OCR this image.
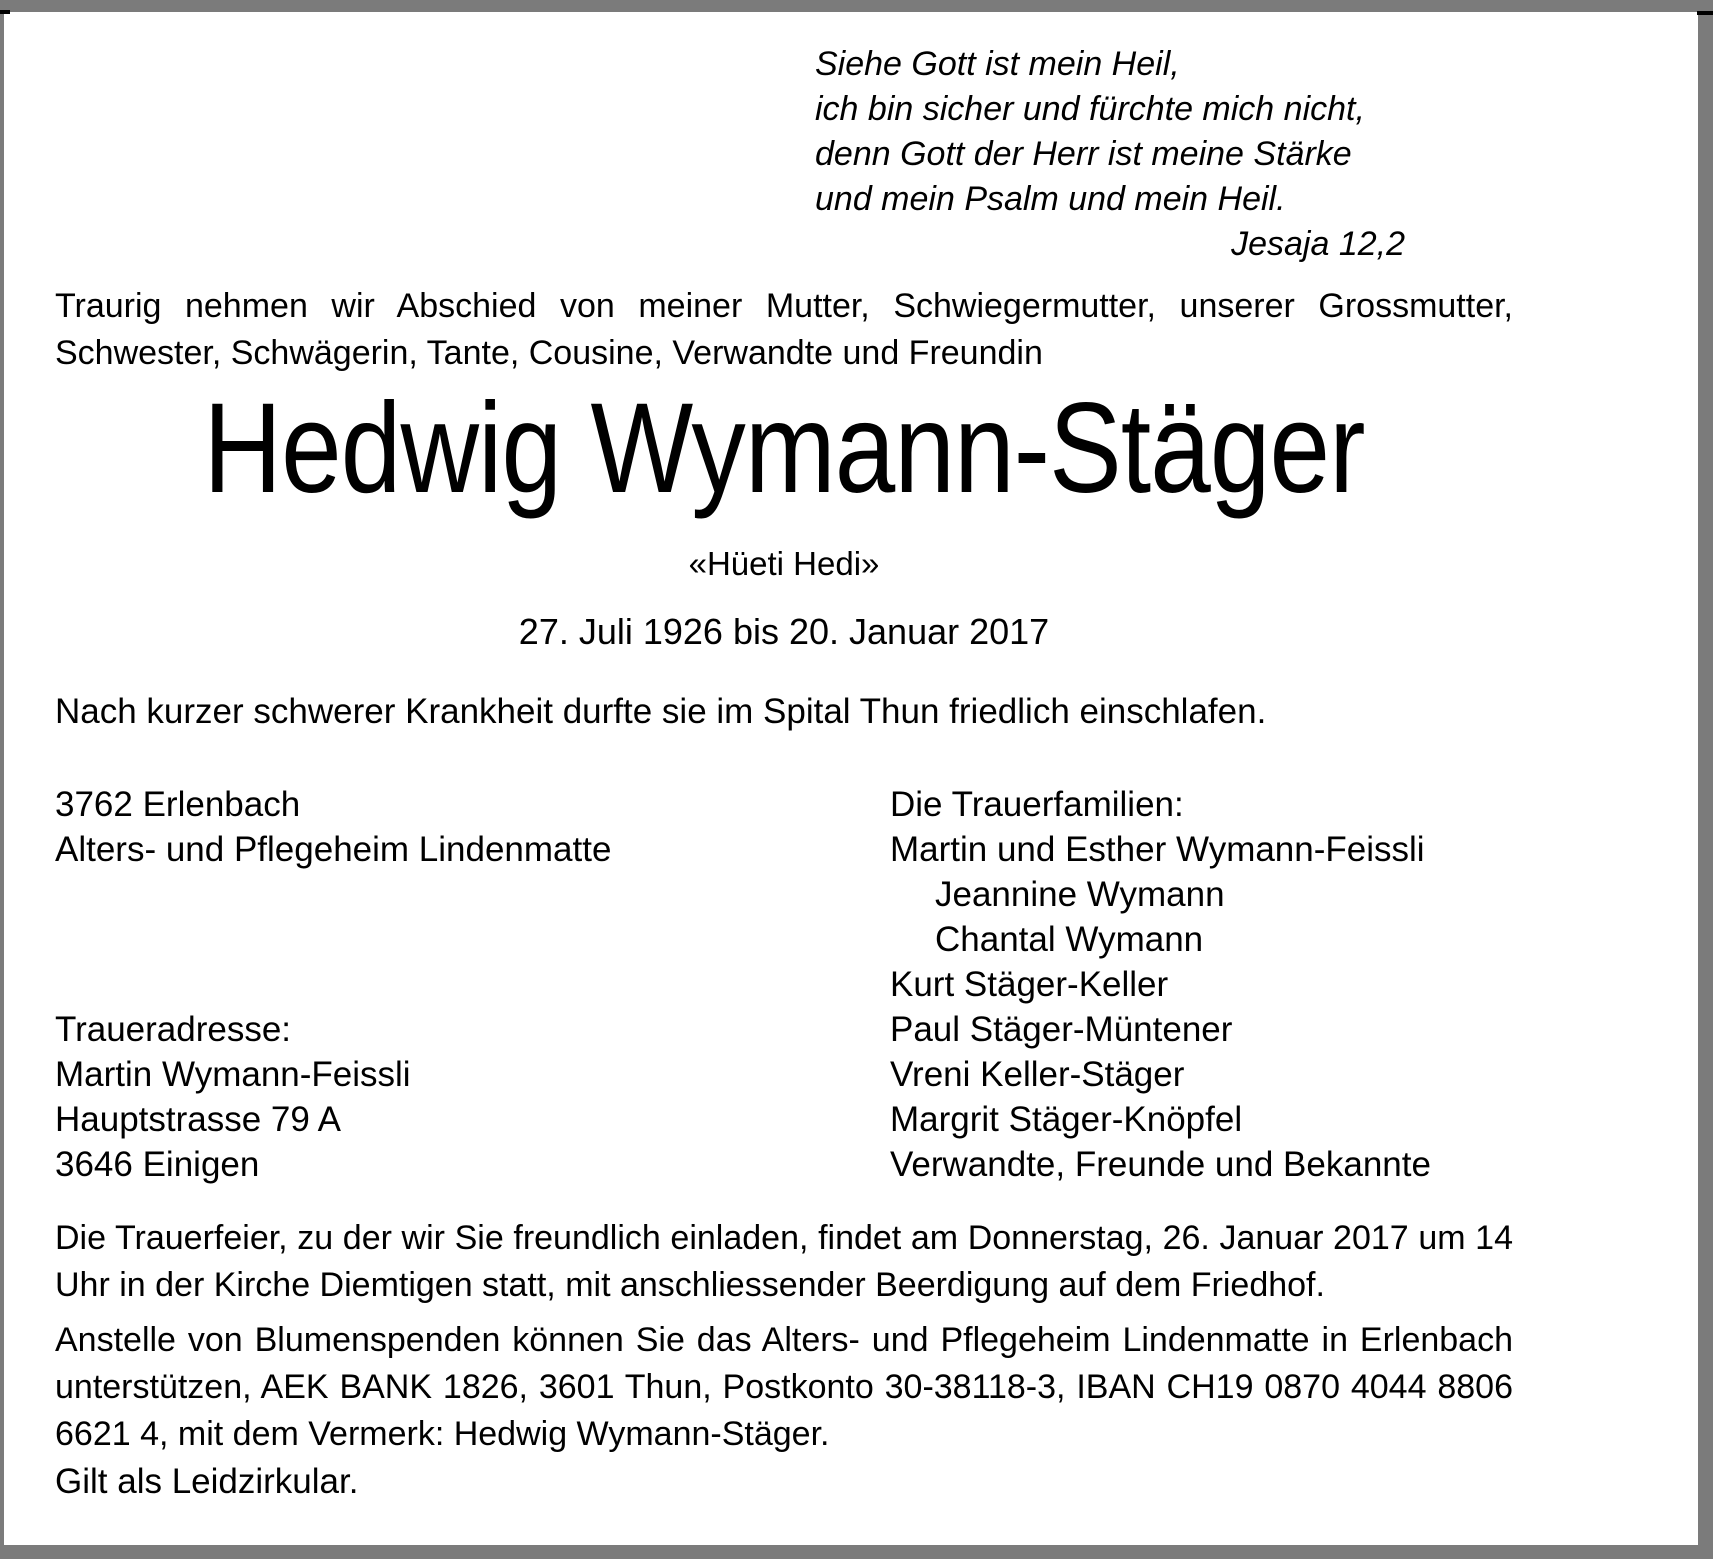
Siehe Gott ist mein Heil,
ich bin sicher und fürchte mich nicht,
denn Gott der Herr ist meine Stärke
und mein Psalm und mein Heil.
Jesaja 12,2

Traurig nehmen wir Abschied von meiner Mutter, Schwiegermutter, unserer Grossmutter, Schwester, Schwägerin, Tante, Cousine, Verwandte und Freundin

Hedwig Wymann-Stäger
«Hüeti Hedi»
27. Juli 1926 bis 20. Januar 2017

Nach kurzer schwerer Krankheit durfte sie im Spital Thun friedlich einschlafen.

3762 Erlenbach
Alters- und Pflegeheim Lindenmatte
Traueradresse:
Martin Wymann-Feissli
Hauptstrasse 79 A
3646 Einigen
Die Trauerfamilien:
Martin und Esther Wymann-Feissli
Jeannine Wymann
Chantal Wymann
Kurt Stäger-Keller
Paul Stäger-Müntener
Vreni Keller-Stäger
Margrit Stäger-Knöpfel
Verwandte, Freunde und Bekannte

Die Trauerfeier, zu der wir Sie freundlich einladen, findet am Donnerstag, 26. Januar 2017 um 14 Uhr in der Kirche Diemtigen statt, mit anschliessender Beerdigung auf dem Friedhof.

Anstelle von Blumenspenden können Sie das Alters- und Pflegeheim Lindenmatte in Erlenbach unterstützen, AEK BANK 1826, 3601 Thun, Postkonto 30-38118-3, IBAN CH19 0870 4044 8806 6621 4, mit dem Vermerk: Hedwig Wymann-Stäger.

Gilt als Leidzirkular.
